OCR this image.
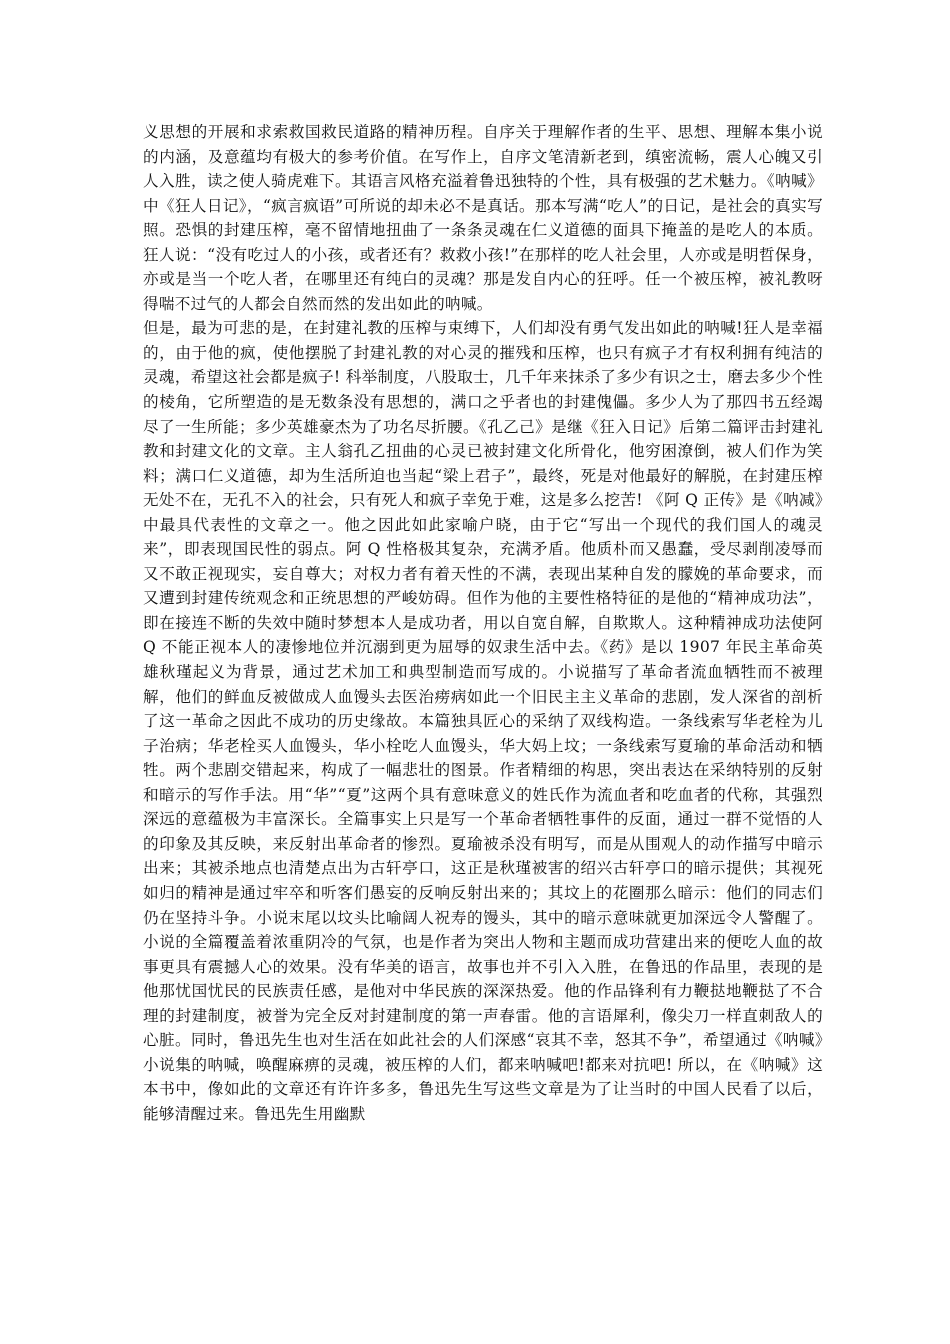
义思想的开展和求索救国救民道路的精神历程。自序关于理解作者的生平、思想、理解本集小说的内涵，及意蕴均有极大的参考价值。在写作上，自序文笔清新老到，缜密流畅，震人心魄又引人入胜，读之使人骑虎难下。其语言风格充溢着鲁迅独特的个性，具有极强的艺术魅力。《呐喊》中《狂人日记》，“疯言疯语”可所说的却未必不是真话。那本写满“吃人”的日记，是社会的真实写照。恐惧的封建压榨，毫不留情地扭曲了一条条灵魂在仁义道德的面具下掩盖的是吃人的本质。狂人说：“没有吃过人的小孩，或者还有？救救小孩!”在那样的吃人社会里，人亦或是明哲保身，亦或是当一个吃人者，在哪里还有纯白的灵魂？那是发自内心的狂呼。任一个被压榨，被礼教呀得喘不过气的人都会自然而然的发出如此的呐喊。

但是，最为可悲的是，在封建礼教的压榨与束缚下，人们却没有勇气发出如此的呐喊!狂人是幸福的，由于他的疯，使他摆脱了封建礼教的对心灵的摧残和压榨，也只有疯子才有权利拥有纯洁的灵魂，希望这社会都是疯子! 科举制度，八股取士，几千年来抹杀了多少有识之士，磨去多少个性的棱角，它所塑造的是无数条没有思想的，满口之乎者也的封建傀儡。多少人为了那四书五经竭尽了一生所能；多少英雄豪杰为了功名尽折腰。《孔乙己》是继《狂入日记》后第二篇评击封建礼教和封建文化的文章。主人翁孔乙扭曲的心灵已被封建文化所骨化，他穷困潦倒，被人们作为笑料；满口仁义道德，却为生活所迫也当起“梁上君子”，最终，死是对他最好的解脱，在封建压榨无处不在，无孔不入的社会，只有死人和疯子幸免于难，这是多么挖苦! 《阿 Q 正传》是《呐减》中最具代表性的文章之一。他之因此如此家喻户晓，由于它“写出一个现代的我们国人的魂灵来”，即表现国民性的弱点。阿 Q 性格极其复杂，充满矛盾。他质朴而又愚蠢，受尽剥削凌辱而又不敢正视现实，妄自尊大；对权力者有着天性的不满，表现出某种自发的朦娩的革命要求，而又遭到封建传统观念和正统思想的严峻妨碍。但作为他的主要性格特征的是他的“精神成功法”，即在接连不断的失效中随时梦想本人是成功者，用以自宽自解，自欺欺人。这种精神成功法使阿 Q 不能正视本人的凄惨地位并沉溺到更为屈辱的奴隶生活中去。《药》是以 1907 年民主革命英雄秋瑾起义为背景，通过艺术加工和典型制造而写成的。小说描写了革命者流血牺牲而不被理解，他们的鲜血反被做成人血馒头去医治痨病如此一个旧民主主义革命的悲剧，发人深省的剖析了这一革命之因此不成功的历史缘故。本篇独具匠心的采纳了双线构造。一条线索写华老栓为儿子治病；华老栓买人血馒头，华小栓吃人血馒头，华大妈上坟；一条线索写夏瑜的革命活动和牺牲。两个悲剧交错起来，构成了一幅悲壮的图景。作者精细的构思，突出表达在采纳特别的反射和暗示的写作手法。用“华”“夏”这两个具有意味意义的姓氏作为流血者和吃血者的代称，其强烈深远的意蕴极为丰富深长。全篇事实上只是写一个革命者牺牲事件的反面，通过一群不觉悟的人的印象及其反映，来反射出革命者的惨烈。夏瑜被杀没有明写，而是从围观人的动作描写中暗示出来；其被杀地点也清楚点出为古轩亭口，这正是秋瑾被害的绍兴古轩亭口的暗示提供；其视死如归的精神是通过牢卒和听客们愚妄的反响反射出来的；其坟上的花圈那么暗示：他们的同志们仍在坚持斗争。小说末尾以坟头比喻阔人祝寿的馒头，其中的暗示意味就更加深远令人警醒了。小说的全篇覆盖着浓重阴冷的气氛，也是作者为突出人物和主题而成功营建出来的便吃人血的故事更具有震撼人心的效果。没有华美的语言，故事也并不引入入胜，在鲁迅的作品里，表现的是他那忧国忧民的民族责任感，是他对中华民族的深深热爱。他的作品锋利有力鞭挞地鞭挞了不合理的封建制度，被誉为完全反对封建制度的第一声春雷。他的言语犀利，像尖刀一样直刺敌人的心脏。同时，鲁迅先生也对生活在如此社会的人们深感“哀其不幸，怒其不争”，希望通过《呐喊》小说集的呐喊，唤醒麻痹的灵魂，被压榨的人们，都来呐喊吧!都来对抗吧! 所以，在《呐喊》这本书中，像如此的文章还有许许多多，鲁迅先生写这些文章是为了让当时的中国人民看了以后，能够清醒过来。鲁迅先生用幽默
